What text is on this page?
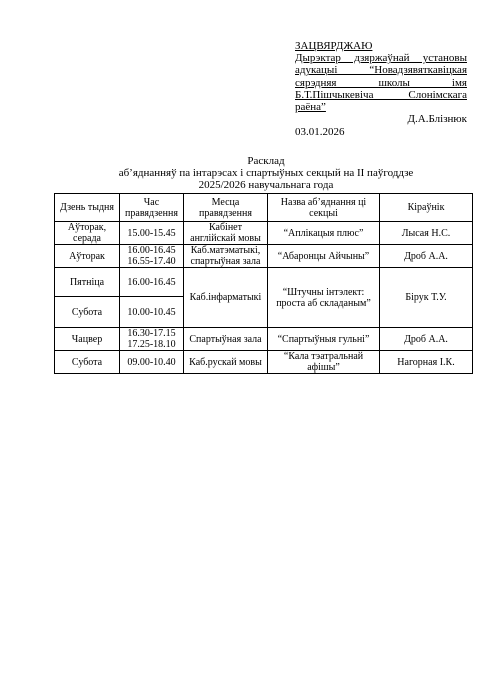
ЗАЦВЯРДЖАЮ
Дырэктар дзяржаўнай установы адукацыі “Новадзявяткавіцкая сярэдняя школы імя Б.Т.Пішчыкевіча Слонімскага раёна”
Д.А.Блізнюк
03.01.2026
Расклад
аб’яднанняў па інтарэсах і спартыўных секцый на ІІ паўгоддзе
2025/2026 навучальнага года
Дзень тыдня	Час правядзення	Месца правядзення	Назва аб’яднання ці секцыі	Кіраўнік
Аўторак, серада	15.00-15.45	Кабінет англійскай мовы	“Аплікацыя плюс”	Лысая Н.С.
Аўторак	16.00-16.45 16.55-17.40	Каб.матэматыкі, спартыўная зала	“Абаронцы Айчыны”	Дроб А.А.
Пятніца	16.00-16.45	Каб.інфарматыкі	“Штучны інтэлект: проста аб складаным”	Бірук Т.У.
Субота	10.00-10.45			
Чацвер	16.30-17.15 17.25-18.10	Спартыўная зала	“Спартыўныя гульні”	Дроб А.А.
Субота	09.00-10.40	Каб.рускай мовы	“Кала тэатральнай афішы”	Нагорная І.К.
